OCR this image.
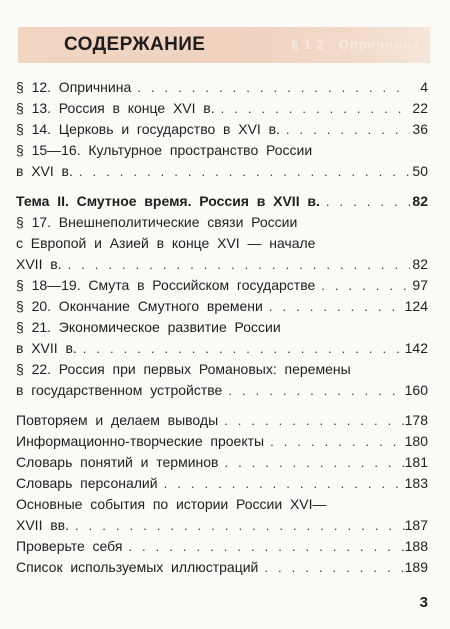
СОДЕРЖАНИЕ	§ 1 2 . Опричнина
§  12.  Опричнина . . .	4
§  13.  Россия  в  конце  XVI  в. . . .	22
§  14.  Церковь  и  государство  в  XVI  в. . . .	36
§  15—16.  Культурное  пространство  России
в  XVI  в. . . .	50
Тема  II.  Смутное  время.  Россия  в  XVII  в. . . .	82
§  17.  Внешнеполитические  связи  России
с  Европой  и  Азией  в  конце  XVI  —  начале
XVII  в. . . .	82
§  18—19.  Смута  в  Российском  государстве . . .	97
§  20.  Окончание  Смутного  времени . . .	124
§  21.  Экономическое  развитие  России
в  XVII  в. . . .	142
§  22.  Россия  при  первых  Романовых:  перемены
в  государственном  устройстве . . .	160
Повторяем  и  делаем  выводы . . .	178
Информационно-творческие  проекты . . .	180
Словарь  понятий  и  терминов . . .	181
Словарь  персоналий . . .	183
Основные  события  по  истории  России  XVI—
XVII  вв. . . .	187
Проверьте  себя . . .	188
Список  используемых  иллюстраций . . .	189
3
